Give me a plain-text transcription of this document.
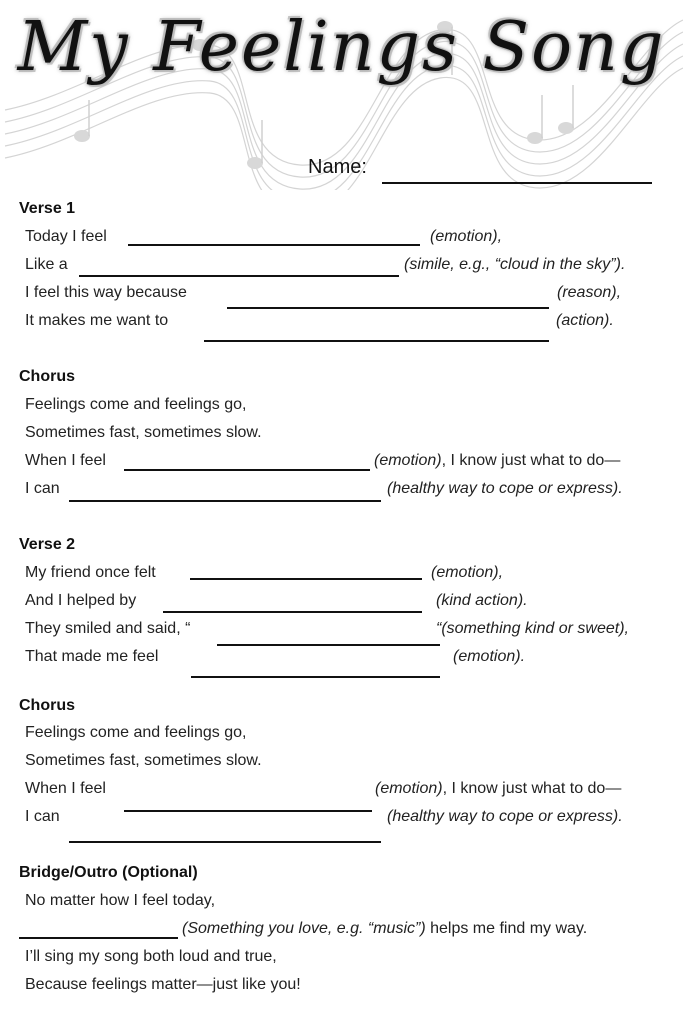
My Feelings Song
Name:
Verse 1
Today I feel	(emotion),
Like a	(simile, e.g., “cloud in the sky”).
I feel this way because	(reason),
It makes me want to	(action).
Chorus
Feelings come and feelings go,
Sometimes fast, sometimes slow.
When I feel	(emotion), I know just what to do—
I can	(healthy way to cope or express).
Verse 2
My friend once felt	(emotion),
And I helped by	(kind action).
They smiled and said, “	“(something kind or sweet),
That made me feel	(emotion).
Chorus
Feelings come and feelings go,
Sometimes fast, sometimes slow.
When I feel	(emotion), I know just what to do—
I can	(healthy way to cope or express).
Bridge/Outro (Optional)
No matter how I feel today,
(Something you love, e.g. “music”) helps me find my way.
I’ll sing my song both loud and true,
Because feelings matter—just like you!
